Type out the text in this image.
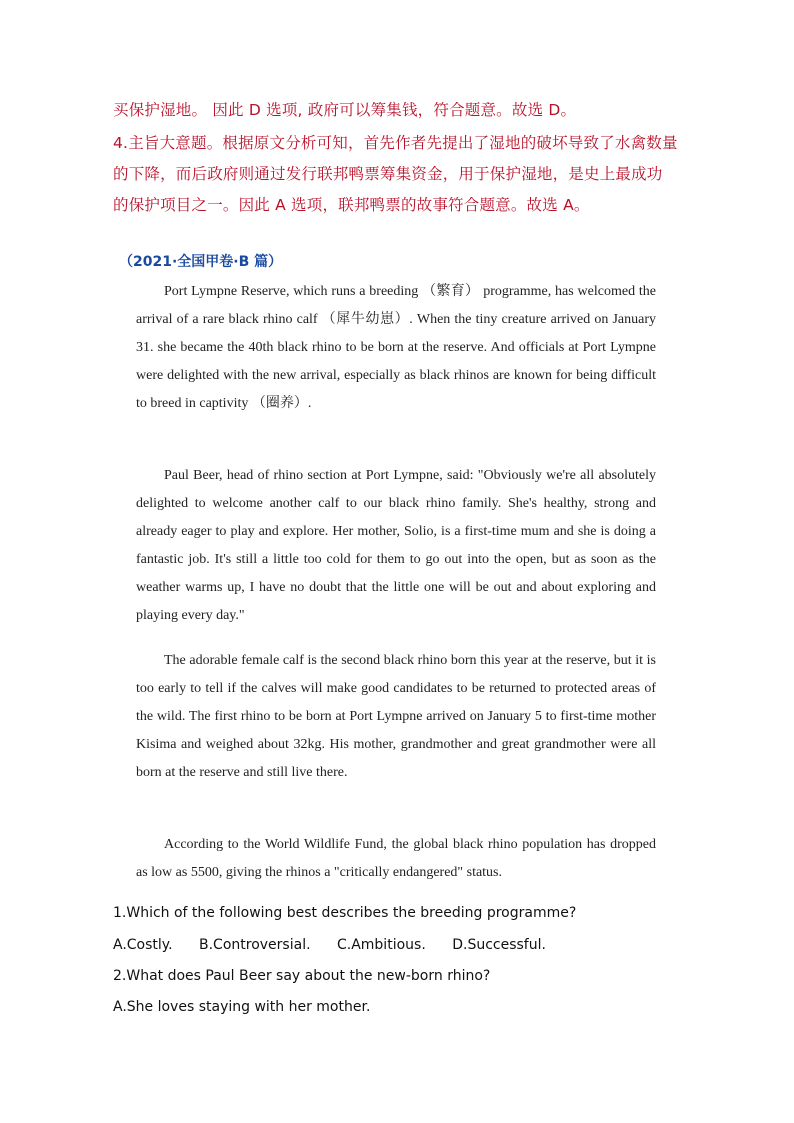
买保护湿地。 因此 D 选项, 政府可以筹集钱，符合题意。故选 D。
4.主旨大意题。根据原文分析可知，首先作者先提出了湿地的破坏导致了水禽数量
的下降，而后政府则通过发行联邦鸭票筹集资金，用于保护湿地，是史上最成功
的保护项目之一。因此 A 选项，联邦鸭票的故事符合题意。故选 A。
（2021·全国甲卷·B 篇）

Port Lympne Reserve, which runs a breeding （繁育） programme, has welcomed the arrival of a rare black rhino calf （犀牛幼崽）. When the tiny creature arrived on January 31. she became the 40th black rhino to be born at the reserve. And officials at Port Lympne were delighted with the new arrival, especially as black rhinos are known for being difficult to breed in captivity （圈养）.

Paul Beer, head of rhino section at Port Lympne, said: "Obviously we're all absolutely delighted to welcome another calf to our black rhino family. She's healthy, strong and already eager to play and explore. Her mother, Solio, is a first-time mum and she is doing a fantastic job. It's still a little too cold for them to go out into the open, but as soon as the weather warms up, I have no doubt that the little one will be out and about exploring and playing every day."

The adorable female calf is the second black rhino born this year at the reserve, but it is too early to tell if the calves will make good candidates to be returned to protected areas of the wild. The first rhino to be born at Port Lympne arrived on January 5 to first-time mother Kisima and weighed about 32kg. His mother, grandmother and great grandmother were all born at the reserve and still live there.

According to the World Wildlife Fund, the global black rhino population has dropped as low as 5500, giving the rhinos a "critically endangered" status.

1.Which of the following best describes the breeding programme?
A.Costly. B.Controversial. C.Ambitious. D.Successful.
2.What does Paul Beer say about the new-born rhino?
A.She loves staying with her mother.
